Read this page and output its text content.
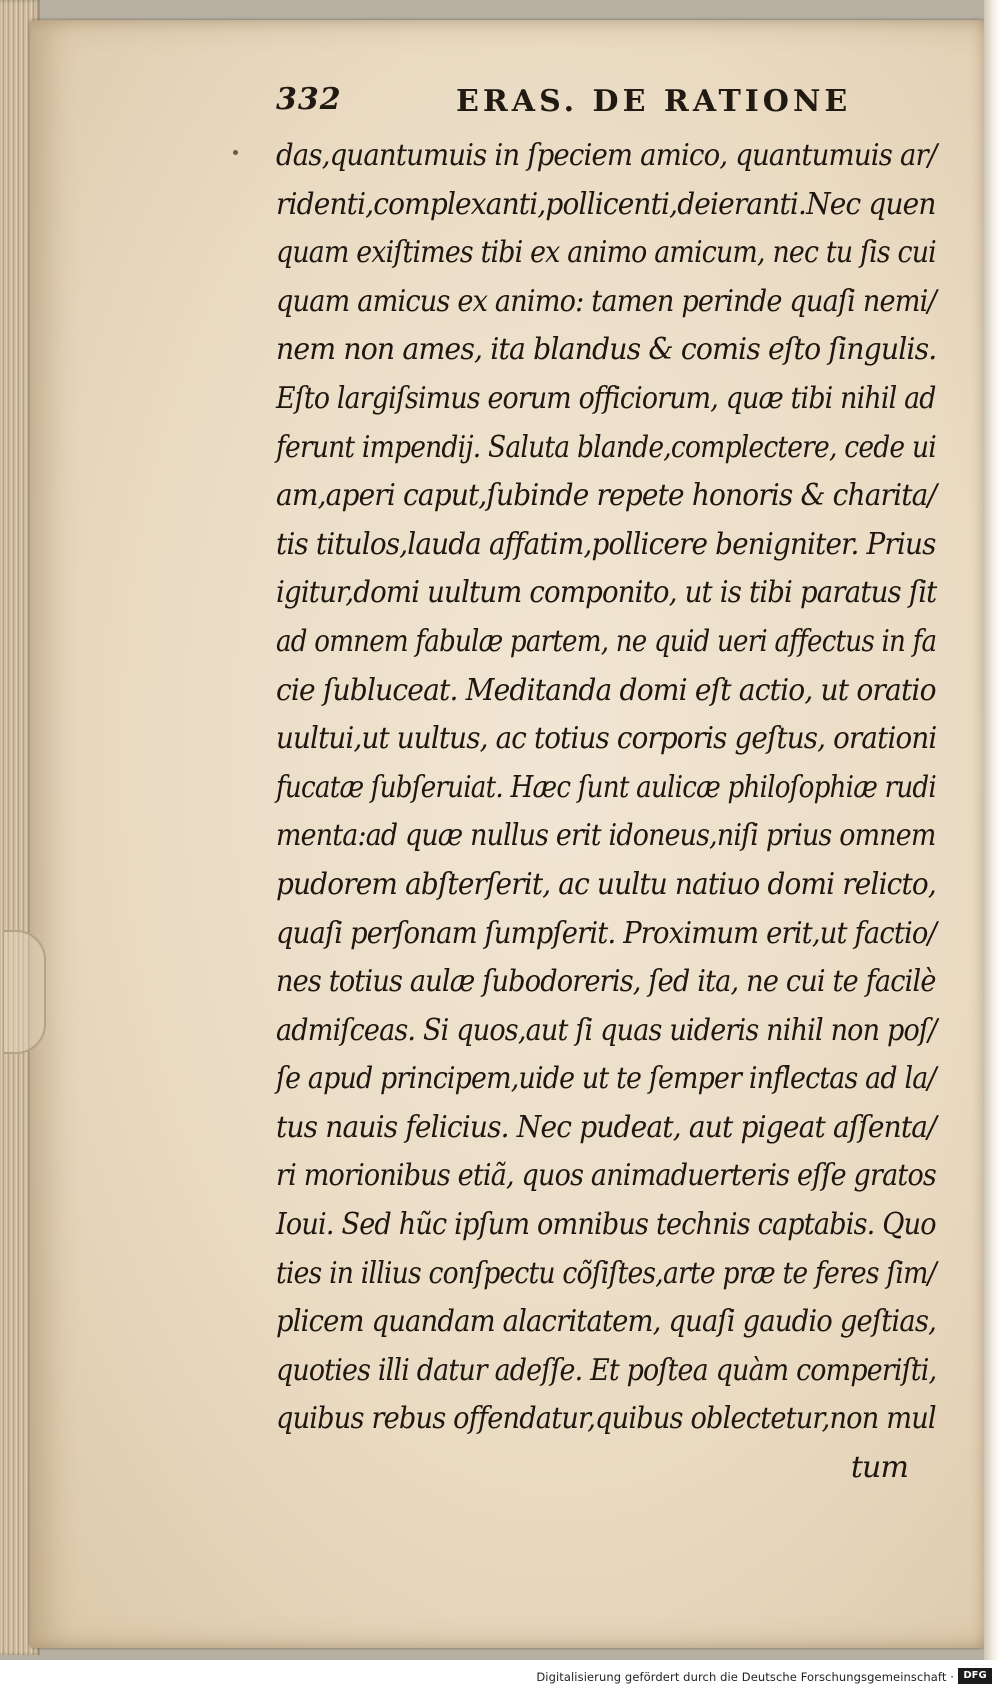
332	ERAS. DE RATIONE
das,quantumuis in ſpeciem amico, quantumuis ar/
ridenti,complexanti,pollicenti,deieranti.Nec quen
quam exiſtimes tibi ex animo amicum, nec tu ſis cui
quam amicus ex animo: tamen perinde quaſi nemi/
nem non ames, ita blandus & comis eſto ſingulis.
Eſto largiſsimus eorum officiorum, quæ tibi nihil ad
ferunt impendij. Saluta blande,complectere, cede ui
am,aperi caput,ſubinde repete honoris & charita/
tis titulos,lauda affatim,pollicere benigniter. Prius
igitur,domi uultum componito, ut is tibi paratus ſit
ad omnem fabulæ partem, ne quid ueri affectus in fa
cie ſubluceat. Meditanda domi eſt actio, ut oratio
uultui,ut uultus, ac totius corporis geſtus, orationi
fucatæ ſubſeruiat. Hæc ſunt aulicæ philoſophiæ rudi
menta:ad quæ nullus erit idoneus,niſi prius omnem
pudorem abſterſerit, ac uultu natiuo domi relicto,
quaſi perſonam ſumpſerit. Proximum erit,ut factio/
nes totius aulæ ſubodoreris, ſed ita, ne cui te facilè
admiſceas. Si quos,aut ſi quas uideris nihil non poſ/
ſe apud principem,uide ut te ſemper inflectas ad la/
tus nauis felicius. Nec pudeat, aut pigeat aſſenta/
ri morionibus etiã, quos animaduerteris eſſe gratos
Ioui. Sed hũc ipſum omnibus technis captabis. Quo
ties in illius conſpectu cõſiſtes,arte præ te feres ſim/
plicem quandam alacritatem, quaſi gaudio geſtias,
quoties illi datur adeſſe. Et poſtea quàm comperiſti,
quibus rebus offendatur,quibus oblectetur,non mul
tum
Digitalisierung gefördert durch die Deutsche Forschungsgemeinschaft · DFG
